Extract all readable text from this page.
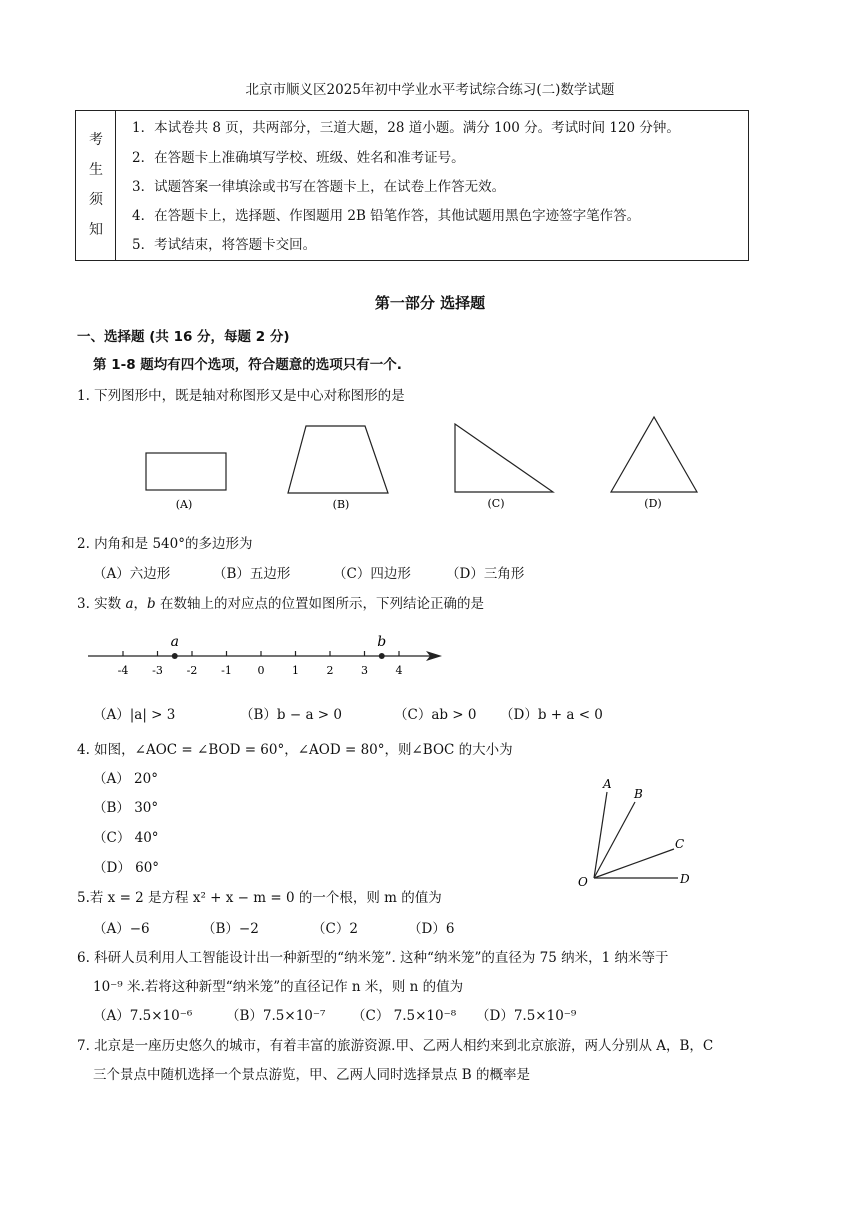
北京市顺义区2025年初中学业水平考试综合练习(二)数学试题
考
生
须
知
1．本试卷共 8 页，共两部分，三道大题，28 道小题。满分 100 分。考试时间 120 分钟。
2．在答题卡上准确填写学校、班级、姓名和准考证号。
3．试题答案一律填涂或书写在答题卡上，在试卷上作答无效。
4．在答题卡上，选择题、作图题用 2B 铅笔作答，其他试题用黑色字迹签字笔作答。
5．考试结束，将答题卡交回。
第一部分 选择题
一、选择题 (共 16 分，每题 2 分)
第 1-8 题均有四个选项，符合题意的选项只有一个.
1. 下列图形中，既是轴对称图形又是中心对称图形的是
(A)	(B)	(C)	(D)
2. 内角和是 540°的多边形为
（A）六边形	（B）五边形	（C）四边形	（D）三角形
3. 实数 a，b 在数轴上的对应点的位置如图所示，下列结论正确的是
-4 -3 -2 -1 0	1	2	3	4
a	b
（A）|a| > 3	（B）b − a > 0	（C）ab > 0 （D）b + a < 0
4. 如图，∠AOC = ∠BOD = 60°，∠AOD = 80°，则∠BOC 的大小为
（A） 20°
（B） 30°
（C） 40°
（D） 60°
A
B
C
D
O
5.若 x = 2 是方程 x² + x − m = 0 的一个根，则 m 的值为
（A）−6	（B）−2	（C）2	（D）6
6. 科研人员利用人工智能设计出一种新型的“纳米笼”. 这种“纳米笼”的直径为 75 纳米，1 纳米等于
10⁻⁹ 米.若将这种新型“纳米笼”的直径记作 n 米，则 n 的值为
（A）7.5×10⁻⁶	（B）7.5×10⁻⁷ （C） 7.5×10⁻⁸ （D）7.5×10⁻⁹
7. 北京是一座历史悠久的城市，有着丰富的旅游资源.甲、乙两人相约来到北京旅游，两人分别从 A，B，C
三个景点中随机选择一个景点游览，甲、乙两人同时选择景点 B 的概率是
